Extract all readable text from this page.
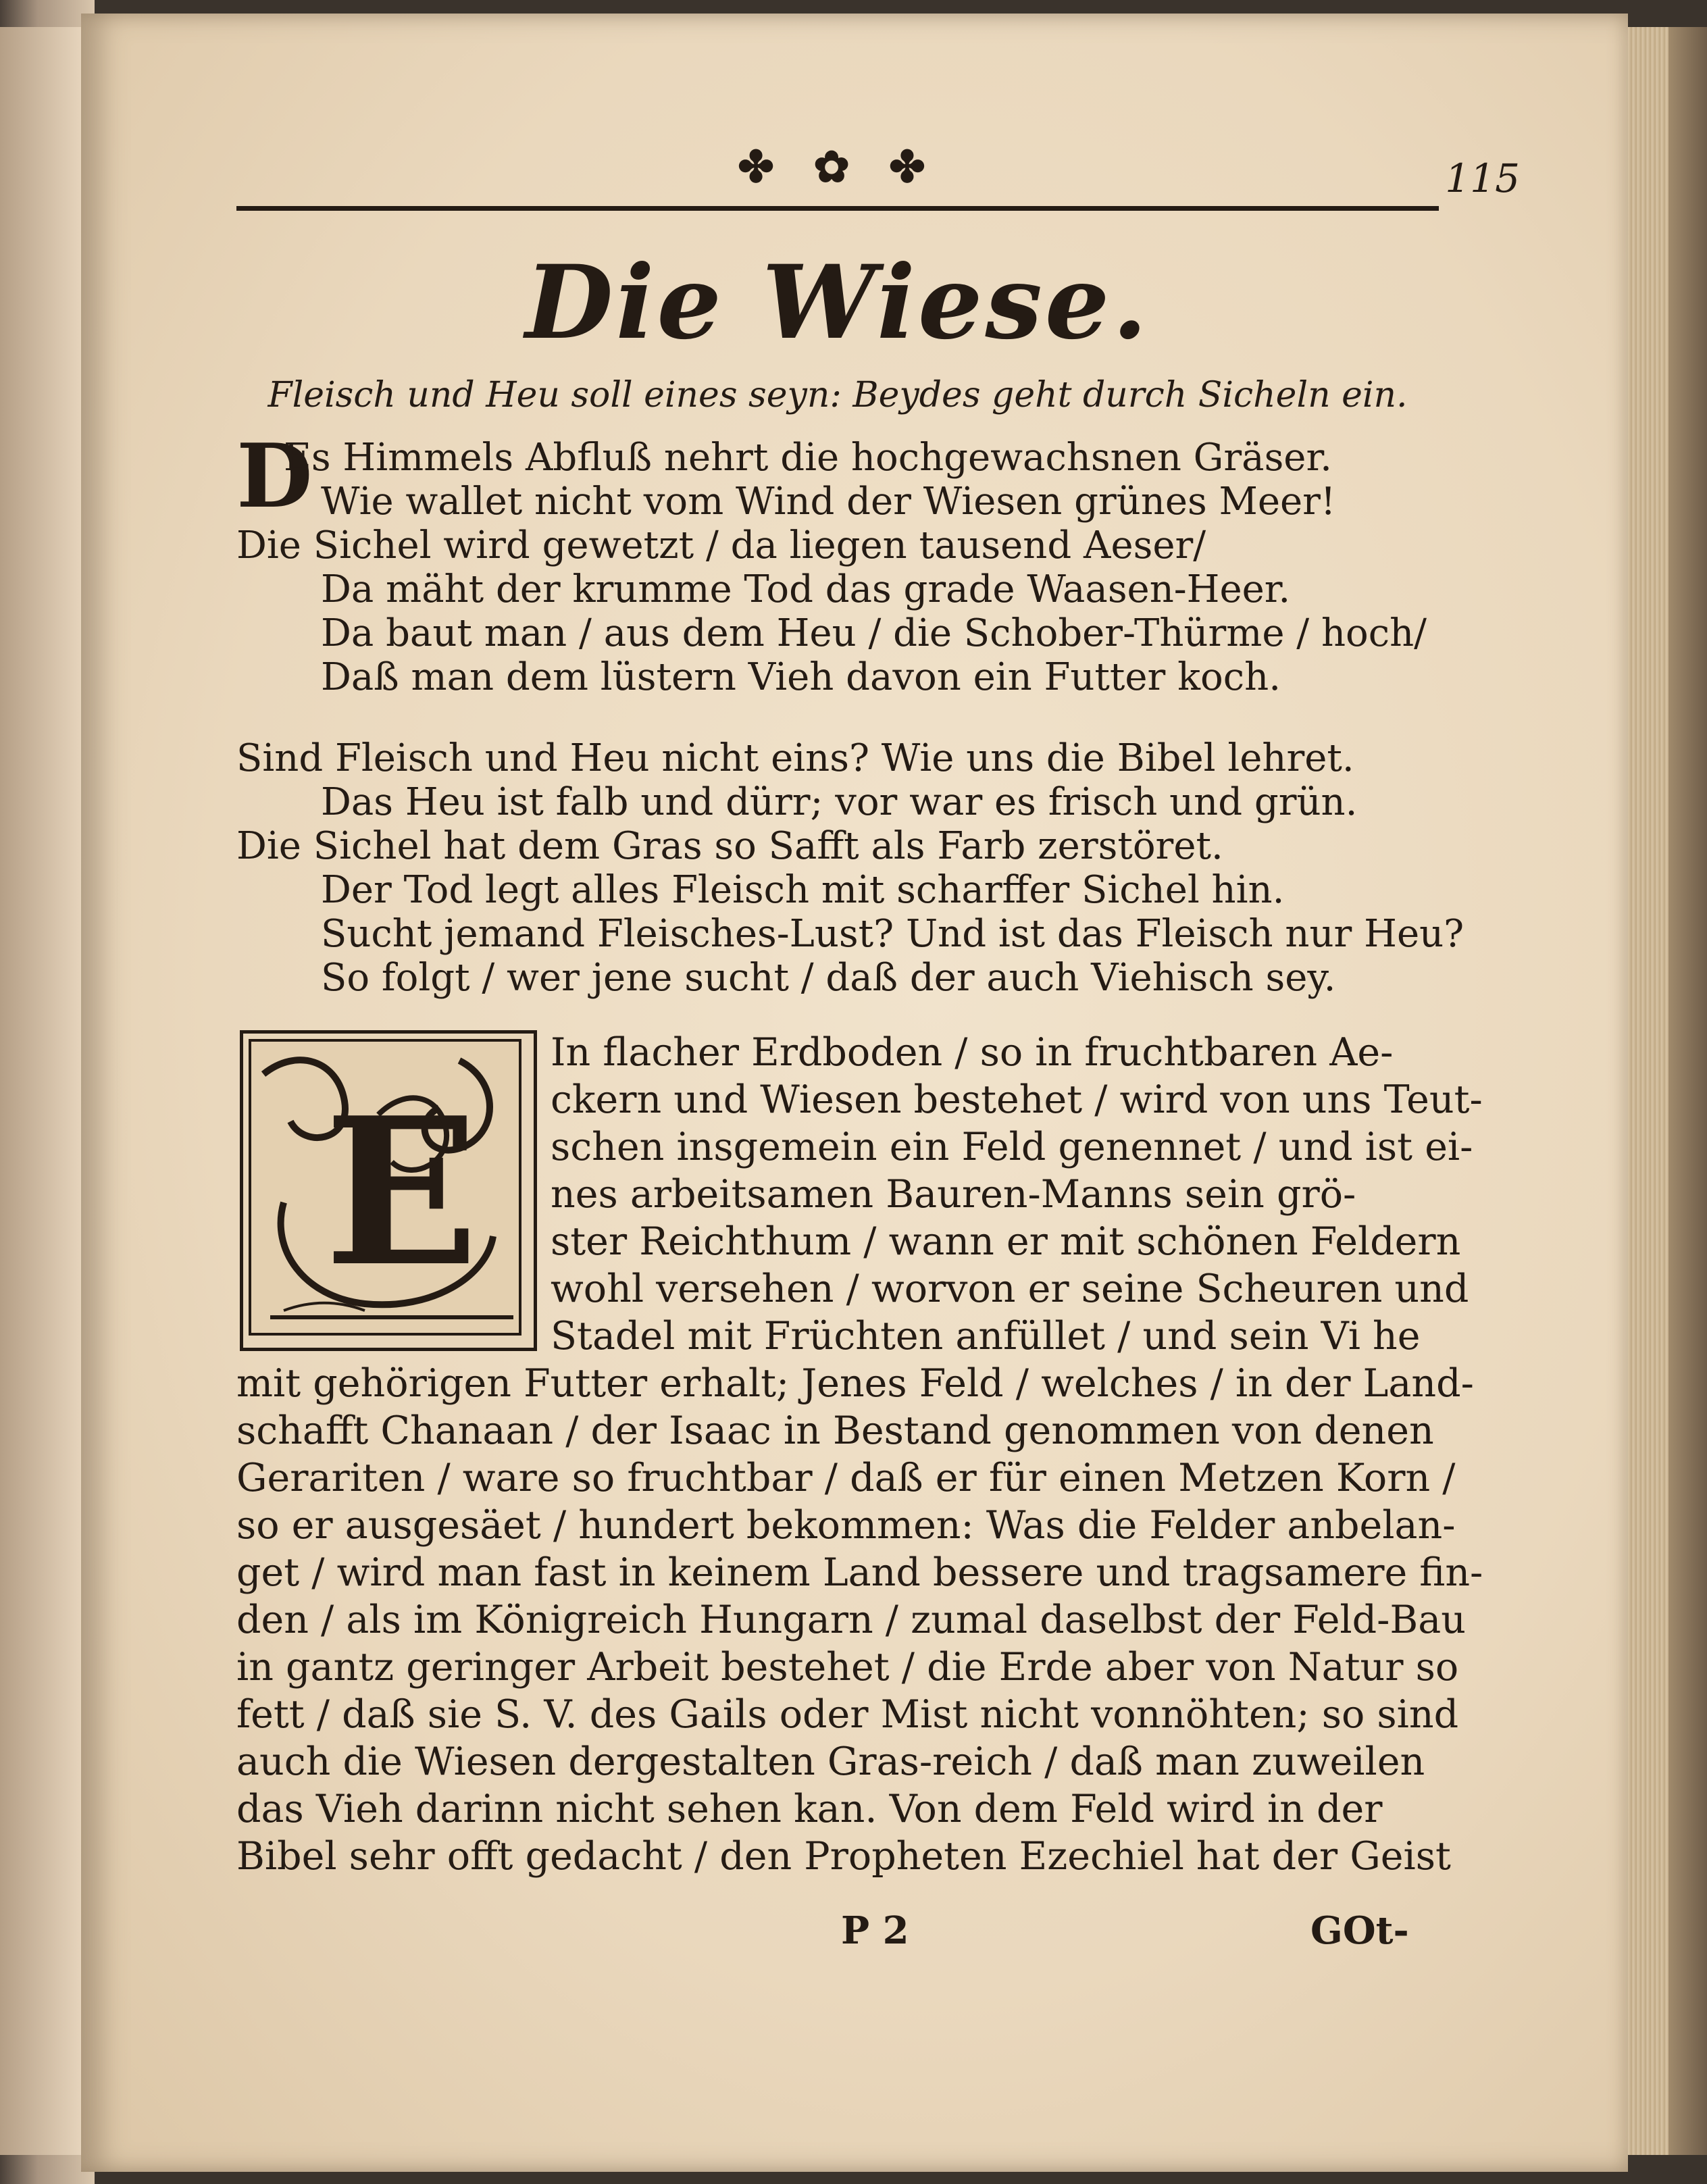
✤ ✿ ✤	115
Die Wiese.
Fleisch und Heu soll eines seyn: Beydes geht durch Sicheln ein.
D
Es Himmels Abfluß nehrt die hochgewachsnen Gräser.
Wie wallet nicht vom Wind der Wiesen grünes Meer!
Die Sichel wird gewetzt / da liegen tausend Aeser/
Da mäht der krumme Tod das grade Waasen-Heer.
Da baut man / aus dem Heu / die Schober-Thürme / hoch/
Daß man dem lüstern Vieh davon ein Futter koch.
Sind Fleisch und Heu nicht eins? Wie uns die Bibel lehret.
Das Heu ist falb und dürr; vor war es frisch und grün.
Die Sichel hat dem Gras so Safft als Farb zerstöret.
Der Tod legt alles Fleisch mit scharffer Sichel hin.
Sucht jemand Fleisches-Lust? Und ist das Fleisch nur Heu?
So folgt / wer jene sucht / daß der auch Viehisch sey.
E
In flacher Erdboden / so in fruchtbaren Ae-
ckern und Wiesen bestehet / wird von uns Teut-
schen insgemein ein Feld genennet / und ist ei-
nes arbeitsamen Bauren-Manns sein grö-
ster Reichthum / wann er mit schönen Feldern
wohl versehen / worvon er seine Scheuren und
Stadel mit Früchten anfüllet / und sein Vi he
mit gehörigen Futter erhalt; Jenes Feld / welches / in der Land-
schafft Chanaan / der Isaac in Bestand genommen von denen
Gerariten / ware so fruchtbar / daß er für einen Metzen Korn /
so er ausgesäet / hundert bekommen: Was die Felder anbelan-
get / wird man fast in keinem Land bessere und tragsamere fin-
den / als im Königreich Hungarn / zumal daselbst der Feld-Bau
in gantz geringer Arbeit bestehet / die Erde aber von Natur so
fett / daß sie S. V. des Gails oder Mist nicht vonnöhten; so sind
auch die Wiesen dergestalten Gras-reich / daß man zuweilen
das Vieh darinn nicht sehen kan. Von dem Feld wird in der
Bibel sehr offt gedacht / den Propheten Ezechiel hat der Geist
P 2	GOt-
